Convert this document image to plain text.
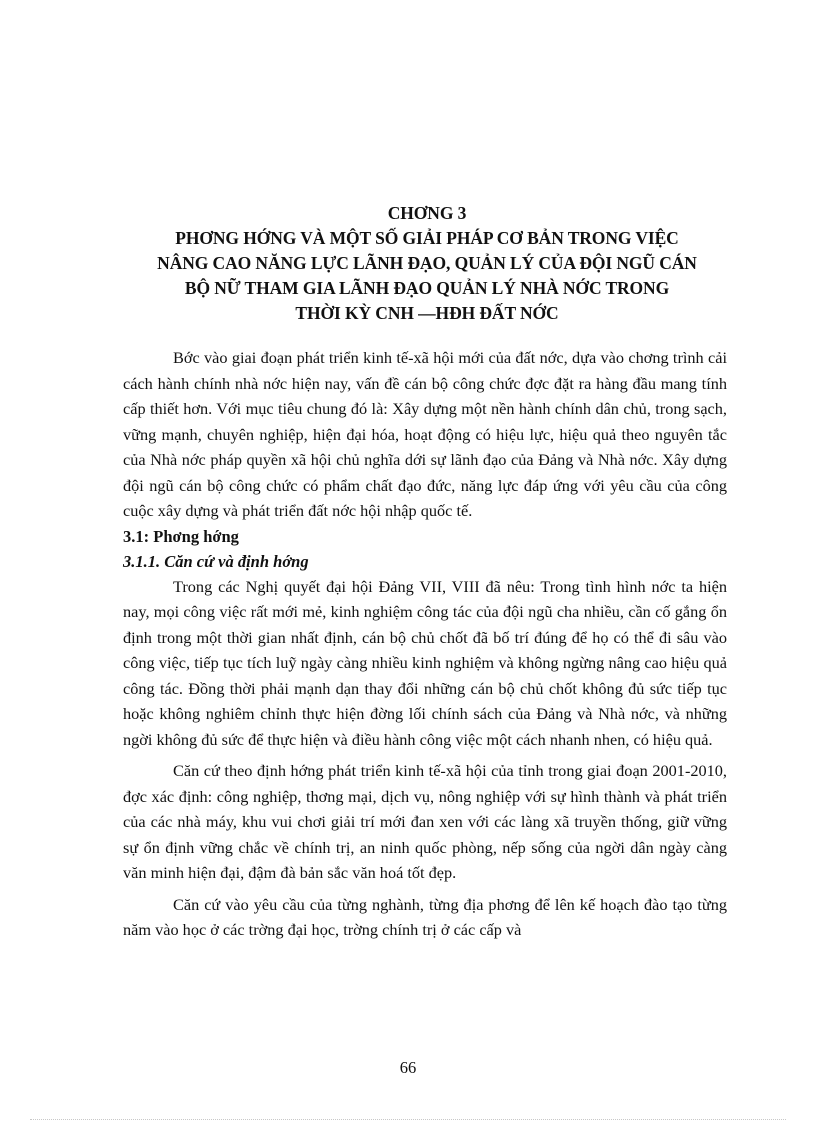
CHƠNG 3
PHƠNG HỚNG VÀ MỘT SỐ GIẢI PHÁP CƠ BẢN TRONG VIỆC
NÂNG CAO NĂNG LỰC LÃNH ĐẠO, QUẢN LÝ CỦA ĐỘI NGŨ CÁN
BỘ NỮ THAM GIA LÃNH ĐẠO QUẢN LÝ NHÀ NỚC TRONG
THỜI KỲ CNH —HĐH ĐẤT NỚC

Bớc vào giai đoạn phát triển kinh tế-xã hội mới của đất nớc, dựa vào chơng trình cải cách hành chính nhà nớc hiện nay, vấn đề cán bộ công chức đợc đặt ra hàng đầu mang tính cấp thiết hơn. Với mục tiêu chung đó là: Xây dựng một nền hành chính dân chủ, trong sạch, vững mạnh, chuyên nghiệp, hiện đại hóa, hoạt động có hiệu lực, hiệu quả theo nguyên tắc của Nhà nớc pháp quyền xã hội chủ nghĩa dới sự lãnh đạo của Đảng và Nhà nớc. Xây dựng đội ngũ cán bộ công chức có phẩm chất đạo đức, năng lực đáp ứng với yêu cầu của công cuộc xây dựng và phát triển đất nớc hội nhập quốc tế.

3.1: Phơng hớng

3.1.1. Căn cứ và định hớng

Trong các Nghị quyết đại hội Đảng VII, VIII đã nêu: Trong tình hình nớc ta hiện nay, mọi công việc rất mới mẻ, kinh nghiệm công tác của đội ngũ cha nhiều, cần cố gắng ổn định trong một thời gian nhất định, cán bộ chủ chốt đã bố trí đúng để họ có thể đi sâu vào công việc, tiếp tục tích luỹ ngày càng nhiều kinh nghiệm và không ngừng nâng cao hiệu quả công tác. Đồng thời phải mạnh dạn thay đổi những cán bộ chủ chốt không đủ sức tiếp tục hoặc không nghiêm chỉnh thực hiện đờng lối chính sách của Đảng và Nhà nớc, và những ngời không đủ sức để thực hiện và điều hành công việc một cách nhanh nhen, có hiệu quả.

Căn cứ theo định hớng phát triển kinh tế-xã hội của tỉnh trong giai đoạn 2001-2010, đợc xác định: công nghiệp, thơng mại, dịch vụ, nông nghiệp với sự hình thành và phát triển của các nhà máy, khu vui chơi giải trí mới đan xen với các làng xã truyền thống, giữ vững sự ổn định vững chắc về chính trị, an ninh quốc phòng, nếp sống của ngời dân ngày càng văn minh hiện đại, đậm đà bản sắc văn hoá tốt đẹp.

Căn cứ vào yêu cầu của từng nghành, từng địa phơng để lên kế hoạch đào tạo từng năm vào học ở các trờng đại học, trờng chính trị ở các cấp và

66
